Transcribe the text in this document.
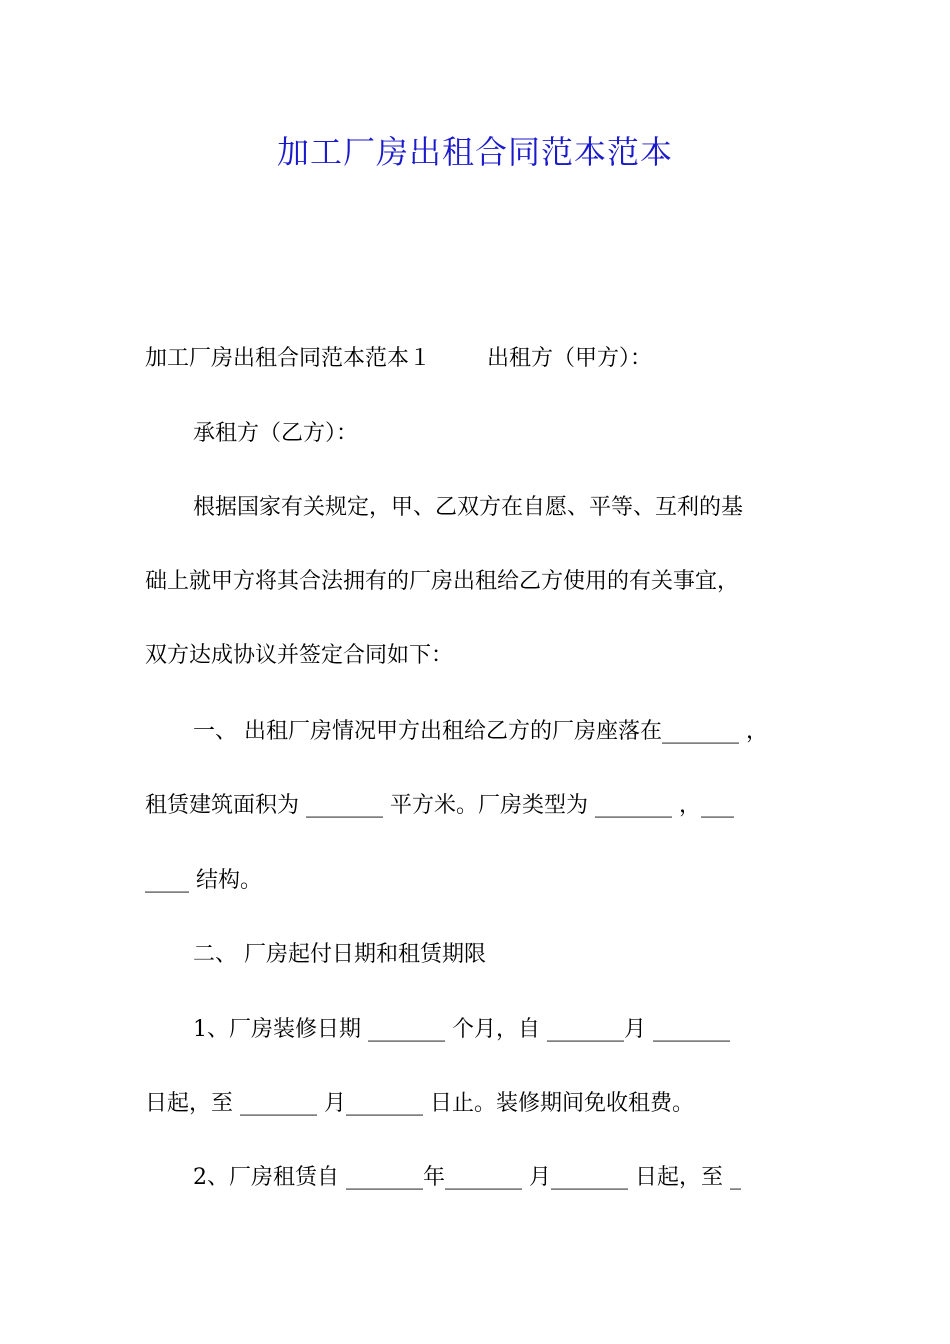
加工厂房出租合同范本范本
加工厂房出租合同范本范本１	出租方（甲方）：
承租方（乙方）：
根据国家有关规定，甲、乙双方在自愿、平等、互利的基
础上就甲方将其合法拥有的厂房出租给乙方使用的有关事宜，
双方达成协议并签定合同如下：
一、 出租厂房情况甲方出租给乙方的厂房座落在_______ ，
租赁建筑面积为 _______ 平方米。厂房类型为 _______ ，___
____ 结构。
二、 厂房起付日期和租赁期限
1、厂房装修日期 _______ 个月，自 _______月 _______
日起，至 _______ 月_______ 日止。装修期间免收租费。
2、厂房租赁自 _______年_______ 月_______ 日起，至 _
